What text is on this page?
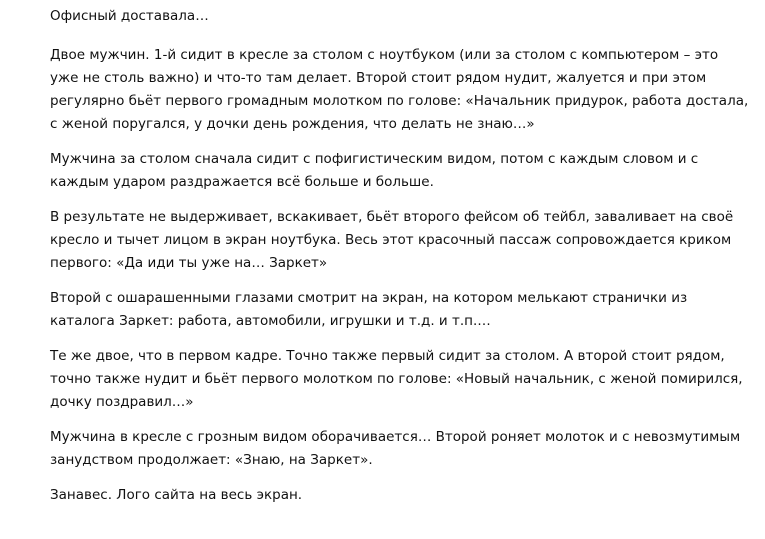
Офисный доставала…

Двое мужчин. 1-й сидит в кресле за столом с ноутбуком (или за столом с компьютером – это уже не столь важно) и что-то там делает. Второй стоит рядом нудит, жалуется и при этом регулярно бьёт первого громадным молотком по голове: «Начальник придурок, работа достала, с женой поругался, у дочки день рождения, что делать не знаю…»

Мужчина за столом сначала сидит с пофигистическим видом, потом с каждым словом и с каждым ударом раздражается всё больше и больше.

В результате не выдерживает, вскакивает, бьёт второго фейсом об тейбл, заваливает на своё кресло и тычет лицом в экран ноутбука. Весь этот красочный пассаж сопровождается криком первого: «Да иди ты уже на… Заркет»

Второй с ошарашенными глазами смотрит на экран, на котором мелькают странички из каталога Заркет: работа, автомобили, игрушки и т.д. и т.п.…

Те же двое, что в первом кадре. Точно также первый сидит за столом. А второй стоит рядом, точно также нудит и бьёт первого молотком по голове: «Новый начальник, с женой помирился, дочку поздравил…»

Мужчина в кресле с грозным видом оборачивается… Второй роняет молоток и с невозмутимым занудством продолжает: «Знаю, на Заркет».

Занавес. Лого сайта на весь экран.
